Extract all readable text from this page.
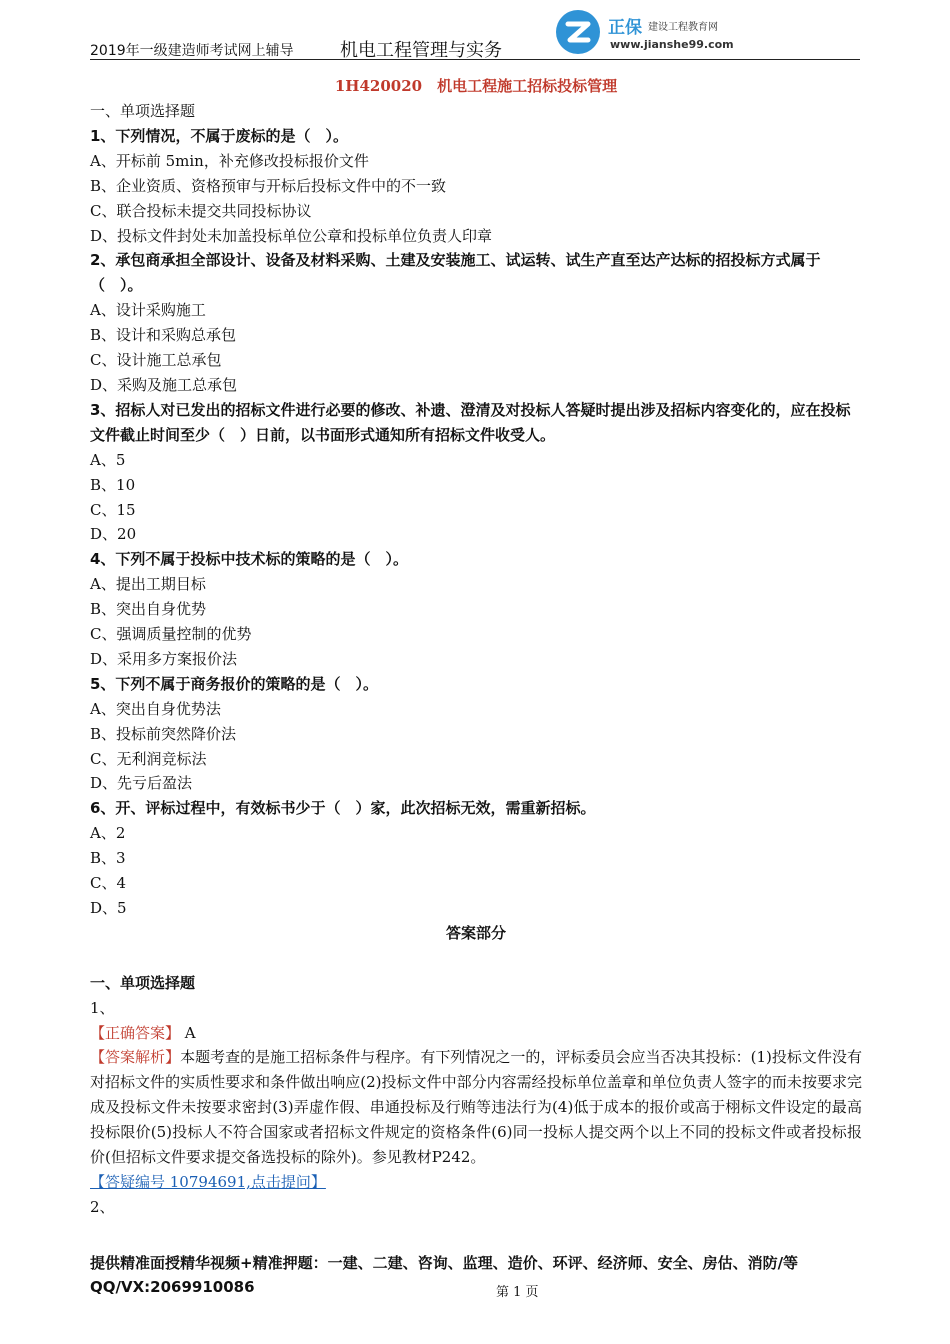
2019年一级建造师考试网上辅导	机电工程管理与实务
正保 建设工程教育网
www.jianshe99.com
1H420020　机电工程施工招标投标管理
一、单项选择题
1、下列情况，不属于废标的是（　）。
A、开标前 5min，补充修改投标报价文件
B、企业资质、资格预审与开标后投标文件中的不一致
C、联合投标未提交共同投标协议
D、投标文件封处未加盖投标单位公章和投标单位负责人印章
2、承包商承担全部设计、设备及材料采购、土建及安装施工、试运转、试生产直至达产达标的招投标方式属于（　）。
A、设计采购施工
B、设计和采购总承包
C、设计施工总承包
D、采购及施工总承包
3、招标人对已发出的招标文件进行必要的修改、补遗、澄清及对投标人答疑时提出涉及招标内容变化的，应在投标文件截止时间至少（　）日前，以书面形式通知所有招标文件收受人。
A、5
B、10
C、15
D、20
4、下列不属于投标中技术标的策略的是（　）。
A、提出工期目标
B、突出自身优势
C、强调质量控制的优势
D、采用多方案报价法
5、下列不属于商务报价的策略的是（　）。
A、突出自身优势法
B、投标前突然降价法
C、无利润竞标法
D、先亏后盈法
6、开、评标过程中，有效标书少于（　）家，此次招标无效，需重新招标。
A、2
B、3
C、4
D、5
答案部分
一、单项选择题
1、
【正确答案】 A
【答案解析】本题考查的是施工招标条件与程序。有下列情况之一的，评标委员会应当否决其投标：(1)投标文件没有对招标文件的实质性要求和条件做出响应(2)投标文件中部分内容需经投标单位盖章和单位负责人签字的而未按要求完成及投标文件未按要求密封(3)弄虚作假、串通投标及行贿等违法行为(4)低于成本的报价或高于栩标文件设定的最高投标限价(5)投标人不符合国家或者招标文件规定的资格条件(6)同一投标人提交两个以上不同的投标文件或者投标报价(但招标文件要求提交备选投标的除外)。参见教材P242。
【答疑编号 10794691,点击提问】
2、
提供精准面授精华视频+精准押题：一建、二建、咨询、监理、造价、环评、经济师、安全、房估、消防/等
QQ/VX:2069910086	第 1 页
